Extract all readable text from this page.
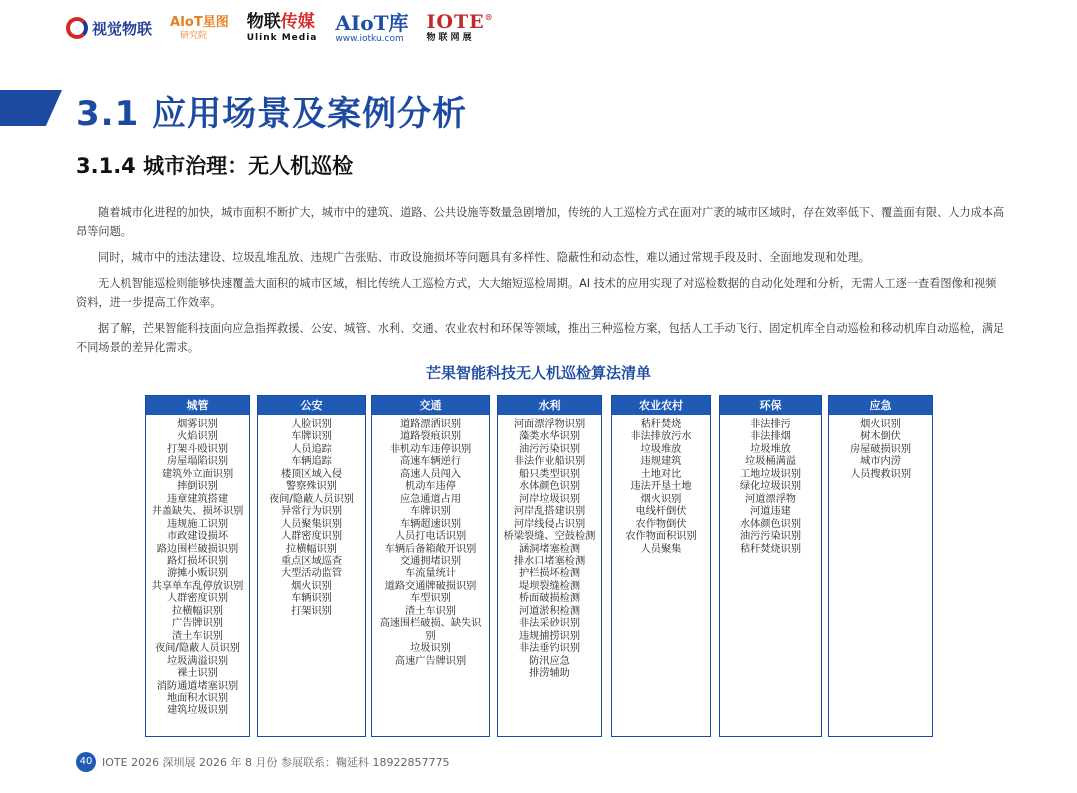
视觉物联 AIoT星图
研究院
物联传媒
Ulink Media
AIoT库
www.iotku.com
IOTE®
物联网展
3.1 应用场景及案例分析
3.1.4 城市治理：无人机巡检

随着城市化进程的加快，城市面积不断扩大，城市中的建筑、道路、公共设施等数量急剧增加，传统的人工巡检方式在面对广袤的城市区域时，存在效率低下、覆盖面有限、人力成本高昂等问题。

同时，城市中的违法建设、垃圾乱堆乱放、违规广告张贴、市政设施损坏等问题具有多样性、隐蔽性和动态性，难以通过常规手段及时、全面地发现和处理。

无人机智能巡检则能够快速覆盖大面积的城市区域，相比传统人工巡检方式，大大缩短巡检周期。AI 技术的应用实现了对巡检数据的自动化处理和分析，无需人工逐一查看图像和视频资料，进一步提高工作效率。

据了解，芒果智能科技面向应急指挥救援、公安、城管、水利、交通、农业农村和环保等领域，推出三种巡检方案，包括人工手动飞行、固定机库全自动巡检和移动机库自动巡检，满足不同场景的差异化需求。

芒果智能科技无人机巡检算法清单
城管
烟雾识别
火焰识别
打架斗殴识别
房屋塌陷识别
建筑外立面识别
摔倒识别
违章建筑搭建
井盖缺失、损坏识别
违规施工识别
市政建设损坏
路边围栏破损识别
路灯损坏识别
游摊小贩识别
共享单车乱停放识别
人群密度识别
拉横幅识别
广告牌识别
渣土车识别
夜间/隐蔽人员识别
垃圾满溢识别
裸土识别
消防通道堵塞识别
地面积水识别
建筑垃圾识别
公安
人脸识别
车牌识别
人员追踪
车辆追踪
楼顶区域入侵
警察殊识别
夜间/隐蔽人员识别
异常行为识别
人员聚集识别
人群密度识别
拉横幅识别
重点区域巡查
大型活动监管
烟火识别
车辆识别
打架识别
交通
道路漂洒识别
道路裂痕识别
非机动车违停识别
高速车辆逆行
高速人员闯入
机动车违停
应急通道占用
车牌识别
车辆超速识别
人员打电话识别
车辆后备箱敞开识别
交通拥堵识别
车流量统计
道路交通牌破损识别
车型识别
渣土车识别
高速围栏破损、缺失识别
垃圾识别
高速广告牌识别
水利
河面漂浮物识别
藻类水华识别
油污污染识别
非法作业船识别
船只类型识别
水体颜色识别
河岸垃圾识别
河岸乱搭建识别
河岸线侵占识别
桥梁裂缝、空鼓检测
涵洞堵塞检测
排水口堵塞检测
护栏损坏检测
堤坝裂缝检测
桥面破损检测
河道淤积检测
非法采砂识别
违规捕捞识别
非法垂钓识别
防汛应急
排涝辅助
农业农村
秸秆焚烧
非法排放污水
垃圾堆放
违规建筑
土地对比
违法开垦土地
烟火识别
电线杆倒伏
农作物倒伏
农作物面积识别
人员聚集
环保
非法排污
非法排烟
垃圾堆放
垃圾桶满溢
工地垃圾识别
绿化垃圾识别
河道漂浮物
河道违建
水体颜色识别
油污污染识别
秸秆焚烧识别
应急
烟火识别
树木倒伏
房屋破损识别
城市内涝
人员搜救识别
40 IOTE 2026 深圳展 2026 年 8 月份 参展联系：鞠延科 18922857775
